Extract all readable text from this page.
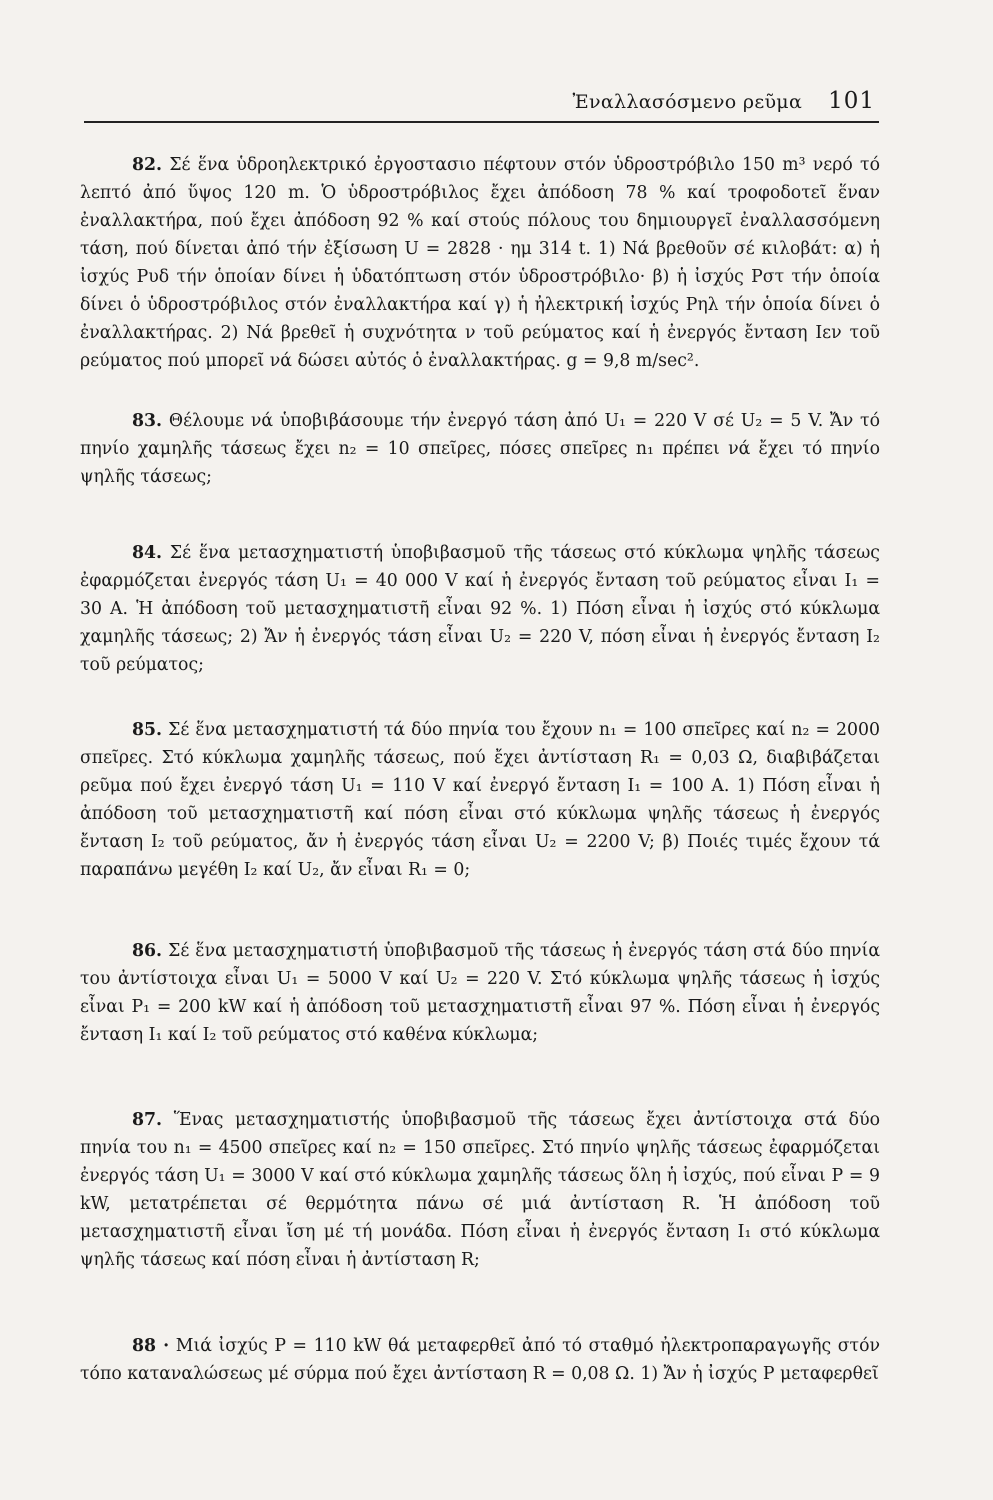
Ἐναλλασόσμενο ρεῦμα 101

82. Σέ ἕνα ὑδροηλεκτρικό ἐργοστασιο πέφτουν στόν ὑδροστρόβιλο 150 m³ νερό τό λεπτό ἀπό ὕψος 120 m. Ὁ ὑδροστρόβιλος ἔχει ἀπόδοση 78 % καί τροφοδοτεῖ ἕναν ἐναλλακτήρα, πού ἔχει ἀπόδοση 92 % καί στούς πόλους του δημιουργεῖ ἐναλλασσόμενη τάση, πού δίνεται ἀπό τήν ἐξίσωση U = 2828 · ημ 314 t. 1) Νά βρεθοῦν σέ κιλοβάτ: α) ἡ ἰσχύς Pυδ τήν ὁποίαν δίνει ἡ ὑδατόπτωση στόν ὑδροστρόβιλο· β) ἡ ἰσχύς Pστ τήν ὁποία δίνει ὁ ὑδροστρόβιλος στόν ἐναλλακτήρα καί γ) ἡ ἠλεκτρική ἰσχύς Pηλ τήν ὁποία δίνει ὁ ἐναλλακτήρας. 2) Νά βρεθεῖ ἡ συχνότητα ν τοῦ ρεύματος καί ἡ ἐνεργός ἔνταση Iεν τοῦ ρεύματος πού μπορεῖ νά δώσει αὐτός ὁ ἐναλλακτήρας. g = 9,8 m/sec².

83. Θέλουμε νά ὑποβιβάσουμε τήν ἐνεργό τάση ἀπό U₁ = 220 V σέ U₂ = 5 V. Ἄν τό πηνίο χαμηλῆς τάσεως ἔχει n₂ = 10 σπεῖρες, πόσες σπεῖρες n₁ πρέπει νά ἔχει τό πηνίο ψηλῆς τάσεως;

84. Σέ ἕνα μετασχηματιστή ὑποβιβασμοῦ τῆς τάσεως στό κύκλωμα ψηλῆς τάσεως ἐφαρμόζεται ἐνεργός τάση U₁ = 40 000 V καί ἡ ἐνεργός ἔνταση τοῦ ρεύματος εἶναι I₁ = 30 A. Ἡ ἀπόδοση τοῦ μετασχηματιστῆ εἶναι 92 %. 1) Πόση εἶναι ἡ ἰσχύς στό κύκλωμα χαμηλῆς τάσεως; 2) Ἄν ἡ ἐνεργός τάση εἶναι U₂ = 220 V, πόση εἶναι ἡ ἐνεργός ἔνταση I₂ τοῦ ρεύματος;

85. Σέ ἕνα μετασχηματιστή τά δύο πηνία του ἔχουν n₁ = 100 σπεῖρες καί n₂ = 2000 σπεῖρες. Στό κύκλωμα χαμηλῆς τάσεως, πού ἔχει ἀντίσταση R₁ = 0,03 Ω, διαβιβάζεται ρεῦμα πού ἔχει ἐνεργό τάση U₁ = 110 V καί ἐνεργό ἔνταση I₁ = 100 A. 1) Πόση εἶναι ἡ ἀπόδοση τοῦ μετασχηματιστῆ καί πόση εἶναι στό κύκλωμα ψηλῆς τάσεως ἡ ἐνεργός ἔνταση I₂ τοῦ ρεύματος, ἄν ἡ ἐνεργός τάση εἶναι U₂ = 2200 V; β) Ποιές τιμές ἔχουν τά παραπάνω μεγέθη I₂ καί U₂, ἄν εἶναι R₁ = 0;

86. Σέ ἕνα μετασχηματιστή ὑποβιβασμοῦ τῆς τάσεως ἡ ἐνεργός τάση στά δύο πηνία του ἀντίστοιχα εἶναι U₁ = 5000 V καί U₂ = 220 V. Στό κύκλωμα ψηλῆς τάσεως ἡ ἰσχύς εἶναι P₁ = 200 kW καί ἡ ἀπόδοση τοῦ μετασχηματιστῆ εἶναι 97 %. Πόση εἶναι ἡ ἐνεργός ἔνταση I₁ καί I₂ τοῦ ρεύματος στό καθένα κύκλωμα;

87. Ἕνας μετασχηματιστής ὑποβιβασμοῦ τῆς τάσεως ἔχει ἀντίστοιχα στά δύο πηνία του n₁ = 4500 σπεῖρες καί n₂ = 150 σπεῖρες. Στό πηνίο ψηλῆς τάσεως ἐφαρμόζεται ἐνεργός τάση U₁ = 3000 V καί στό κύκλωμα χαμηλῆς τάσεως ὅλη ἡ ἰσχύς, πού εἶναι P = 9 kW, μετατρέπεται σέ θερμότητα πάνω σέ μιά ἀντίσταση R. Ἡ ἀπόδοση τοῦ μετασχηματιστῆ εἶναι ἴση μέ τή μονάδα. Πόση εἶναι ἡ ἐνεργός ἔνταση I₁ στό κύκλωμα ψηλῆς τάσεως καί πόση εἶναι ἡ ἀντίσταση R;

88 · Μιά ἰσχύς P = 110 kW θά μεταφερθεῖ ἀπό τό σταθμό ἠλεκτροπαραγωγῆς στόν τόπο καταναλώσεως μέ σύρμα πού ἔχει ἀντίσταση R = 0,08 Ω. 1) Ἄν ἡ ἰσχύς P μεταφερθεῖ
